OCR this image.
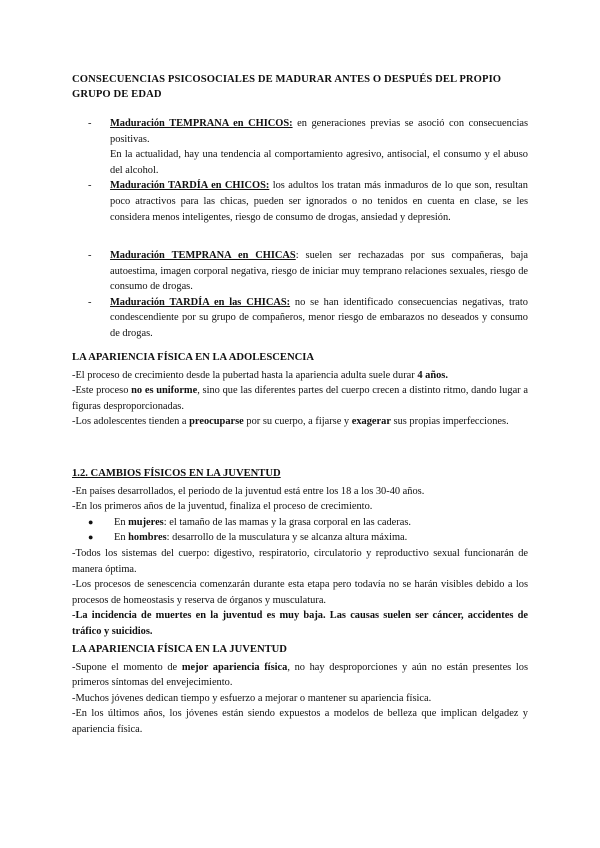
CONSECUENCIAS PSICOSOCIALES DE MADURAR ANTES O DESPUÉS DEL PROPIO GRUPO DE EDAD
- Maduración TEMPRANA en CHICOS: en generaciones previas se asoció con consecuencias positivas.
En la actualidad, hay una tendencia al comportamiento agresivo, antisocial, el consumo y el abuso del alcohol.
- Maduración TARDÍA en CHICOS: los adultos los tratan más inmaduros de lo que son, resultan poco atractivos para las chicas, pueden ser ignorados o no tenidos en cuenta en clase, se les considera menos inteligentes, riesgo de consumo de drogas, ansiedad y depresión.
- Maduración TEMPRANA en CHICAS: suelen ser rechazadas por sus compañeras, baja autoestima, imagen corporal negativa, riesgo de iniciar muy temprano relaciones sexuales, riesgo de consumo de drogas.
- Maduración TARDÍA en las CHICAS: no se han identificado consecuencias negativas, trato condescendiente por su grupo de compañeros, menor riesgo de embarazos no deseados y consumo de drogas.
LA APARIENCIA FÍSICA EN LA ADOLESCENCIA
-El proceso de crecimiento desde la pubertad hasta la apariencia adulta suele durar 4 años.
-Este proceso no es uniforme, sino que las diferentes partes del cuerpo crecen a distinto ritmo, dando lugar a figuras desproporcionadas.
-Los adolescentes tienden a preocuparse por su cuerpo, a fijarse y exagerar sus propias imperfecciones.
1.2. CAMBIOS FÍSICOS EN LA JUVENTUD
-En países desarrollados, el periodo de la juventud está entre los 18 a los 30-40 años.
-En los primeros años de la juventud, finaliza el proceso de crecimiento.
● En mujeres: el tamaño de las mamas y la grasa corporal en las caderas.
● En hombres: desarrollo de la musculatura y se alcanza altura máxima.
-Todos los sistemas del cuerpo: digestivo, respiratorio, circulatorio y reproductivo sexual funcionarán de manera óptima.
-Los procesos de senescencia comenzarán durante esta etapa pero todavía no se harán visibles debido a los procesos de homeostasis y reserva de órganos y musculatura.
-La incidencia de muertes en la juventud es muy baja. Las causas suelen ser cáncer, accidentes de tráfico y suicidios.
LA APARIENCIA FÍSICA EN LA JUVENTUD
-Supone el momento de mejor apariencia física, no hay desproporciones y aún no están presentes los primeros síntomas del envejecimiento.
-Muchos jóvenes dedican tiempo y esfuerzo a mejorar o mantener su apariencia física.
-En los últimos años, los jóvenes están siendo expuestos a modelos de belleza que implican delgadez y apariencia física.
